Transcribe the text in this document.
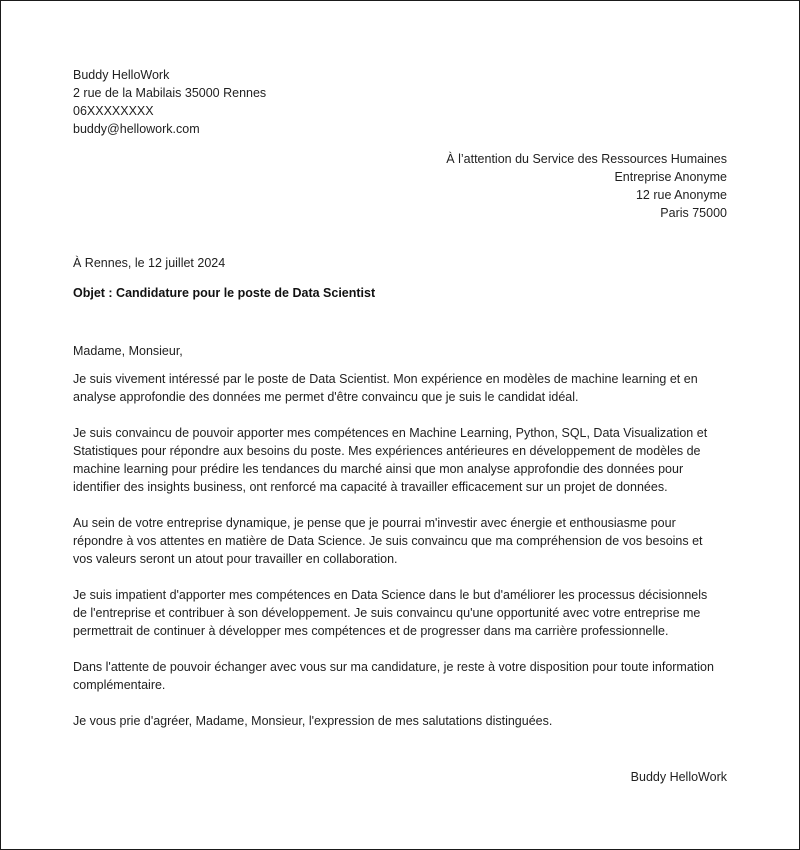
Buddy HelloWork
2 rue de la Mabilais 35000 Rennes
06XXXXXXXX
buddy@hellowork.com
À l’attention du Service des Ressources Humaines
Entreprise Anonyme
12 rue Anonyme
Paris 75000
À Rennes, le 12 juillet 2024
Objet : Candidature pour le poste de Data Scientist

Madame, Monsieur,

Je suis vivement intéressé par le poste de Data Scientist. Mon expérience en modèles de machine learning et en analyse approfondie des données me permet d'être convaincu que je suis le candidat idéal.

Je suis convaincu de pouvoir apporter mes compétences en Machine Learning, Python, SQL, Data Visualization et Statistiques pour répondre aux besoins du poste. Mes expériences antérieures en développement de modèles de machine learning pour prédire les tendances du marché ainsi que mon analyse approfondie des données pour identifier des insights business, ont renforcé ma capacité à travailler efficacement sur un projet de données.

Au sein de votre entreprise dynamique, je pense que je pourrai m'investir avec énergie et enthousiasme pour répondre à vos attentes en matière de Data Science. Je suis convaincu que ma compréhension de vos besoins et vos valeurs seront un atout pour travailler en collaboration.

Je suis impatient d'apporter mes compétences en Data Science dans le but d'améliorer les processus décisionnels de l'entreprise et contribuer à son développement. Je suis convaincu qu'une opportunité avec votre entreprise me permettrait de continuer à développer mes compétences et de progresser dans ma carrière professionnelle.

Dans l'attente de pouvoir échanger avec vous sur ma candidature, je reste à votre disposition pour toute information complémentaire.

Je vous prie d'agréer, Madame, Monsieur, l'expression de mes salutations distinguées.

Buddy HelloWork
